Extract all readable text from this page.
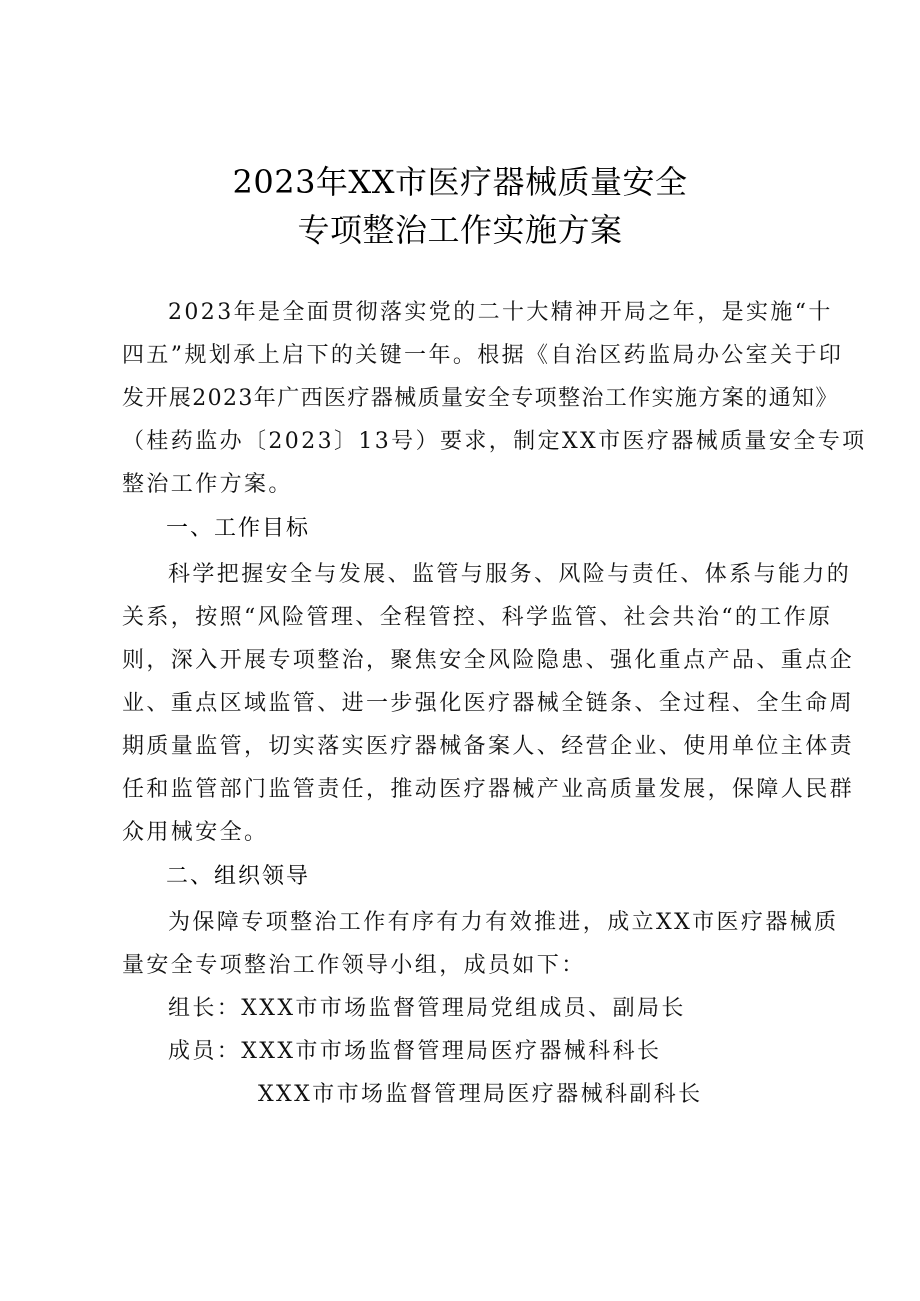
2023年XX市医疗器械质量安全
专项整治工作实施方案
2023年是全面贯彻落实党的二十大精神开局之年，是实施“十
四五”规划承上启下的关键一年。根据《自治区药监局办公室关于印
发开展2023年广西医疗器械质量安全专项整治工作实施方案的通知》
（桂药监办〔2023〕13号）要求，制定XX市医疗器械质量安全专项
整治工作方案。
一、工作目标
科学把握安全与发展、监管与服务、风险与责任、体系与能力的
关系，按照“风险管理、全程管控、科学监管、社会共治“的工作原
则，深入开展专项整治，聚焦安全风险隐患、强化重点产品、重点企
业、重点区域监管、进一步强化医疗器械全链条、全过程、全生命周
期质量监管，切实落实医疗器械备案人、经营企业、使用单位主体责
任和监管部门监管责任，推动医疗器械产业高质量发展，保障人民群
众用械安全。
二、组织领导
为保障专项整治工作有序有力有效推进，成立XX市医疗器械质
量安全专项整治工作领导小组，成员如下：
组长：XXX市市场监督管理局党组成员、副局长
成员：XXX市市场监督管理局医疗器械科科长
XXX市市场监督管理局医疗器械科副科长
